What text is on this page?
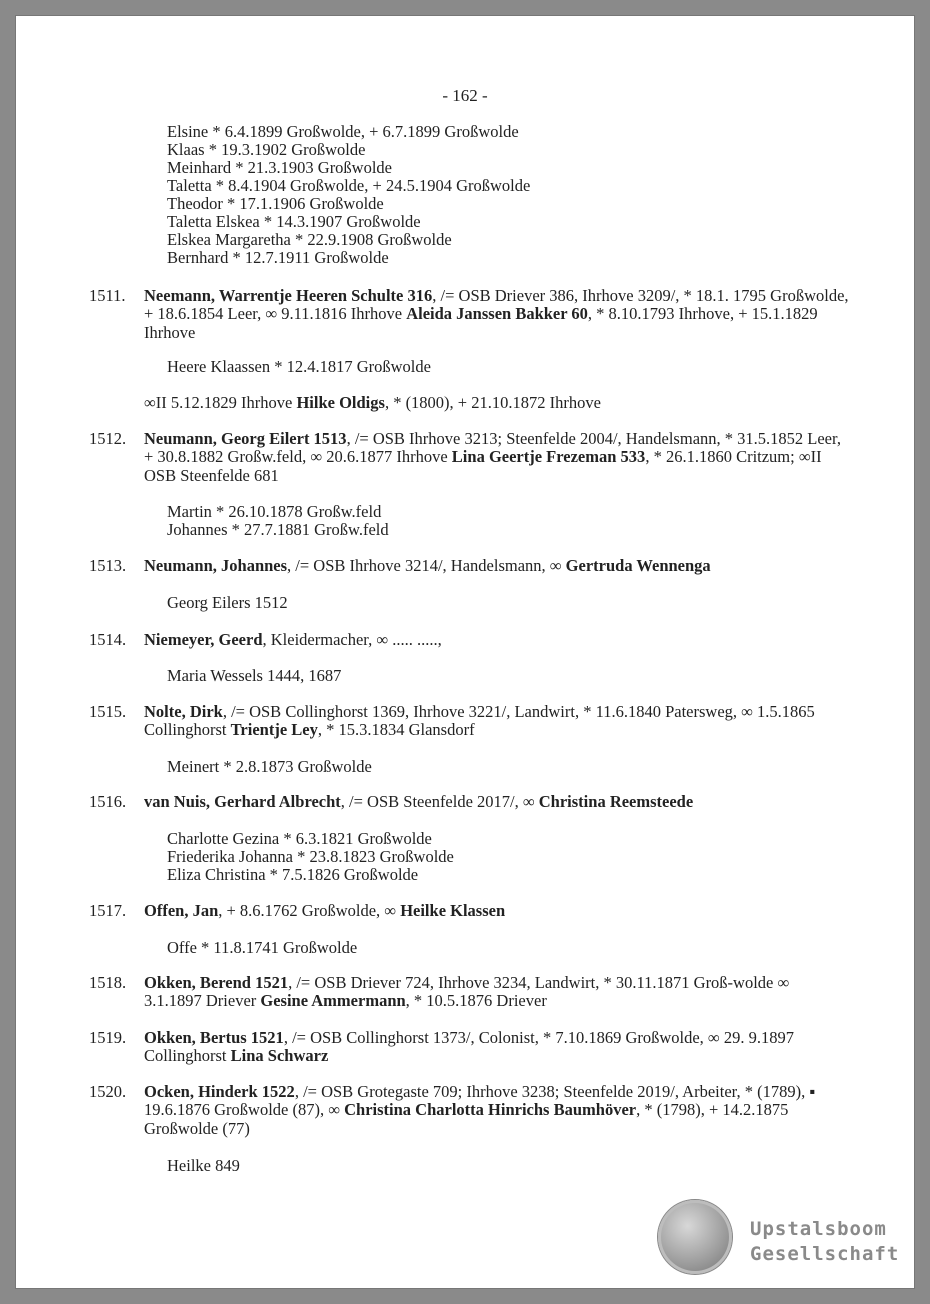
- 162 -
Elsine * 6.4.1899 Großwolde, + 6.7.1899 Großwolde
Klaas * 19.3.1902 Großwolde
Meinhard * 21.3.1903 Großwolde
Taletta * 8.4.1904 Großwolde, + 24.5.1904 Großwolde
Theodor * 17.1.1906 Großwolde
Taletta Elskea * 14.3.1907 Großwolde
Elskea Margaretha * 22.9.1908 Großwolde
Bernhard * 12.7.1911 Großwolde
1511. Neemann, Warrentje Heeren Schulte 316, /= OSB Driever 386, Ihrhove 3209/, * 18.1. 1795 Großwolde, + 18.6.1854 Leer, ∞ 9.11.1816 Ihrhove Aleida Janssen Bakker 60, * 8.10.1793 Ihrhove, + 15.1.1829 Ihrhove
Heere Klaassen * 12.4.1817 Großwolde
∞II 5.12.1829 Ihrhove Hilke Oldigs, * (1800), + 21.10.1872 Ihrhove
1512. Neumann, Georg Eilert 1513, /= OSB Ihrhove 3213; Steenfelde 2004/, Handelsmann, * 31.5.1852 Leer, + 30.8.1882 Großw.feld, ∞ 20.6.1877 Ihrhove Lina Geertje Frezeman 533, * 26.1.1860 Critzum; ∞II OSB Steenfelde 681
Martin * 26.10.1878 Großw.feld
Johannes * 27.7.1881 Großw.feld
1513. Neumann, Johannes, /= OSB Ihrhove 3214/, Handelsmann, ∞ Gertruda Wennenga
Georg Eilers 1512
1514. Niemeyer, Geerd, Kleidermacher, ∞ ..... .....,
Maria Wessels 1444, 1687
1515. Nolte, Dirk, /= OSB Collinghorst 1369, Ihrhove 3221/, Landwirt, * 11.6.1840 Patersweg, ∞ 1.5.1865 Collinghorst Trientje Ley, * 15.3.1834 Glansdorf
Meinert * 2.8.1873 Großwolde
1516. van Nuis, Gerhard Albrecht, /= OSB Steenfelde 2017/, ∞ Christina Reemsteede
Charlotte Gezina * 6.3.1821 Großwolde
Friederika Johanna * 23.8.1823 Großwolde
Eliza Christina * 7.5.1826 Großwolde
1517. Offen, Jan, + 8.6.1762 Großwolde, ∞ Heilke Klassen
Offe * 11.8.1741 Großwolde
1518. Okken, Berend 1521, /= OSB Driever 724, Ihrhove 3234, Landwirt, * 30.11.1871 Groß-wolde ∞ 3.1.1897 Driever Gesine Ammermann, * 10.5.1876 Driever
1519. Okken, Bertus 1521, /= OSB Collinghorst 1373/, Colonist, * 7.10.1869 Großwolde, ∞ 29. 9.1897 Collinghorst Lina Schwarz
1520. Ocken, Hinderk 1522, /= OSB Grotegaste 709; Ihrhove 3238; Steenfelde 2019/, Arbeiter, * (1789), ▪ 19.6.1876 Großwolde (87), ∞ Christina Charlotta Hinrichs Baumhöver, * (1798), + 14.2.1875 Großwolde (77)
Heilke 849
Upstalsboom
Gesellschaft
